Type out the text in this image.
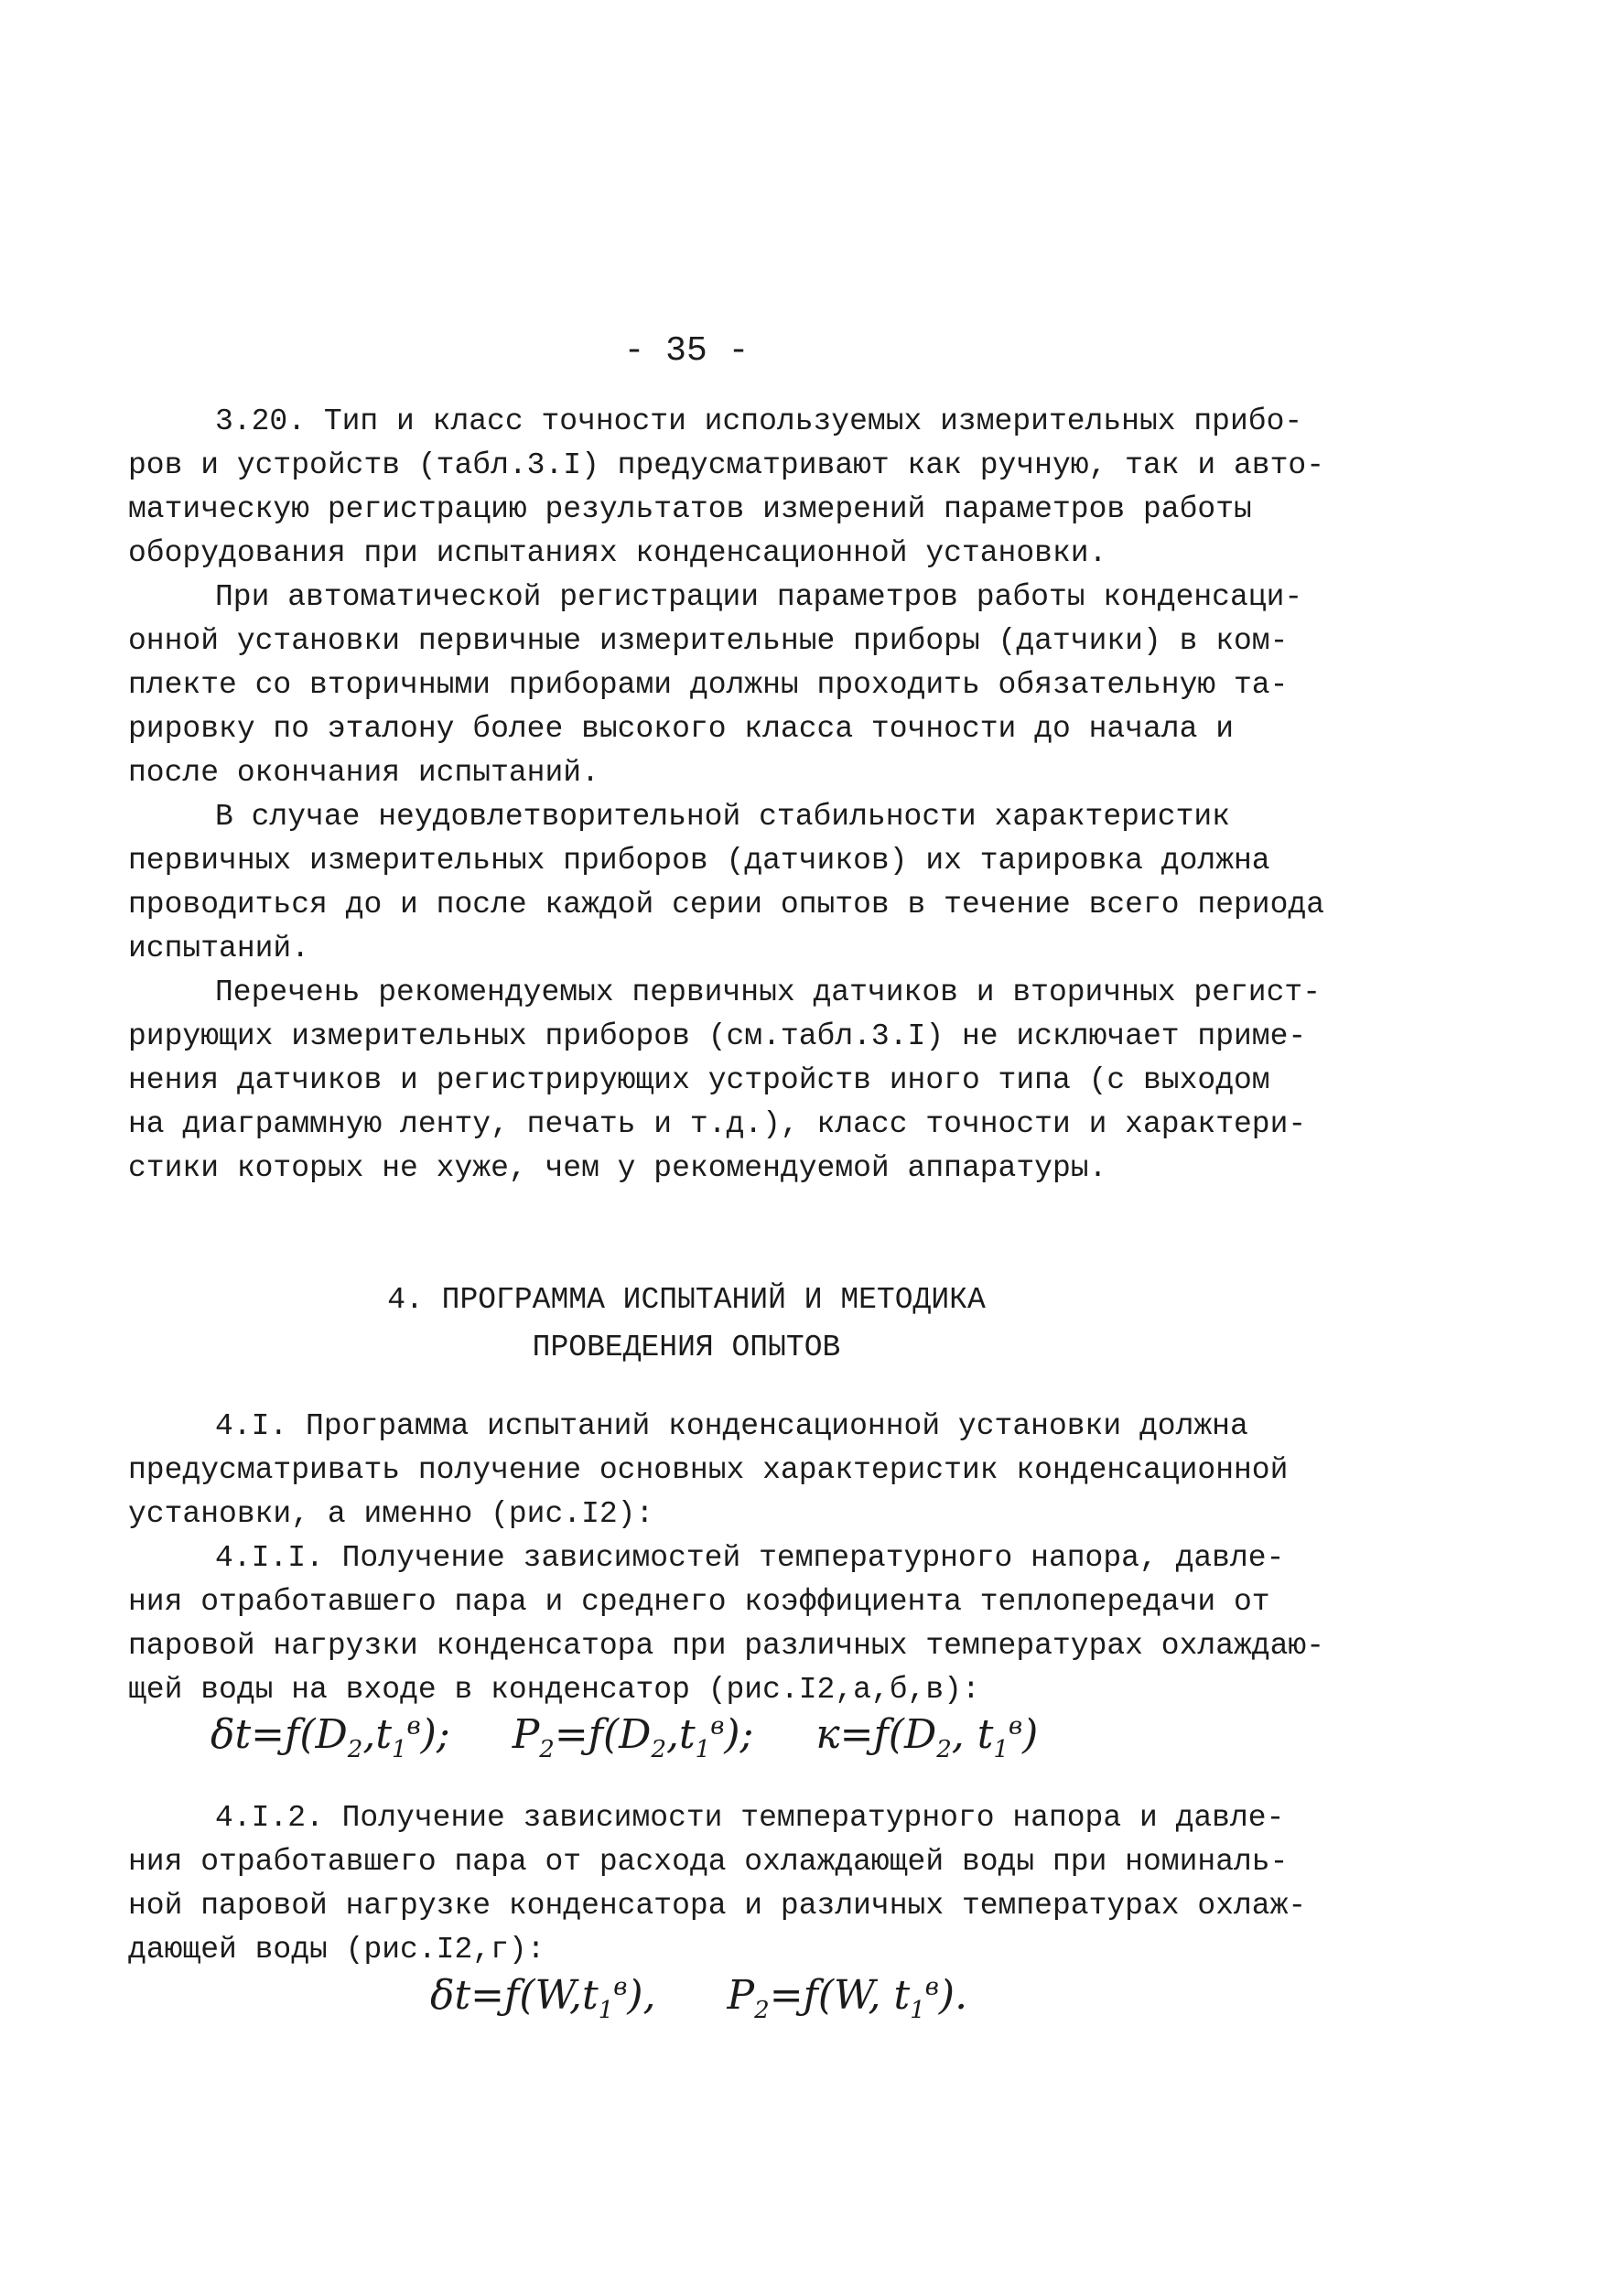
- 35 -
3.20. Тип и класс точности используемых измерительных прибо-
ров и устройств (табл.3.I) предусматривают как ручную, так и авто-
матическую регистрацию результатов измерений параметров работы
оборудования при испытаниях конденсационной установки.
При автоматической регистрации параметров работы конденсаци-
онной установки первичные измерительные приборы (датчики) в ком-
плекте со вторичными приборами должны проходить обязательную та-
рировку по эталону более высокого класса точности до начала и
после окончания испытаний.
В случае неудовлетворительной стабильности характеристик
первичных измерительных приборов (датчиков) их тарировка должна
проводиться до и после каждой серии опытов в течение всего периода
испытаний.
Перечень рекомендуемых первичных датчиков и вторичных регист-
рирующих измерительных приборов (см.табл.3.I) не исключает приме-
нения датчиков и регистрирующих устройств иного типа (с выходом
на диаграммную ленту, печать и т.д.), класс точности и характери-
стики которых не хуже, чем у рекомендуемой аппаратуры.
4. ПРОГРАММА ИСПЫТАНИЙ И МЕТОДИКА
ПРОВЕДЕНИЯ ОПЫТОВ
4.I. Программа испытаний конденсационной установки должна
предусматривать получение основных характеристик конденсационной
установки, а именно (рис.I2):
4.I.I. Получение зависимостей температурного напора, давле-
ния отработавшего пара и среднего коэффициента теплопередачи от
паровой нагрузки конденсатора при различных температурах охлаждаю-
щей воды на входе в конденсатор (рис.I2,а,б,в):
$\delta t=ƒ(D_2,t_1^в)$; $P_2=ƒ(D_2,t_1^в)$; $к=ƒ(D_2$, $t_1^в$)
4.I.2. Получение зависимости температурного напора и давле-
ния отработавшего пара от расхода охлаждающей воды при номиналь-
ной паровой нагрузке конденсатора и различных температурах охлаж-
дающей воды (рис.I2,г):
$\delta t=ƒ(W,t_1^в)$, $P_2=ƒ(W$, $t_1^в$).
